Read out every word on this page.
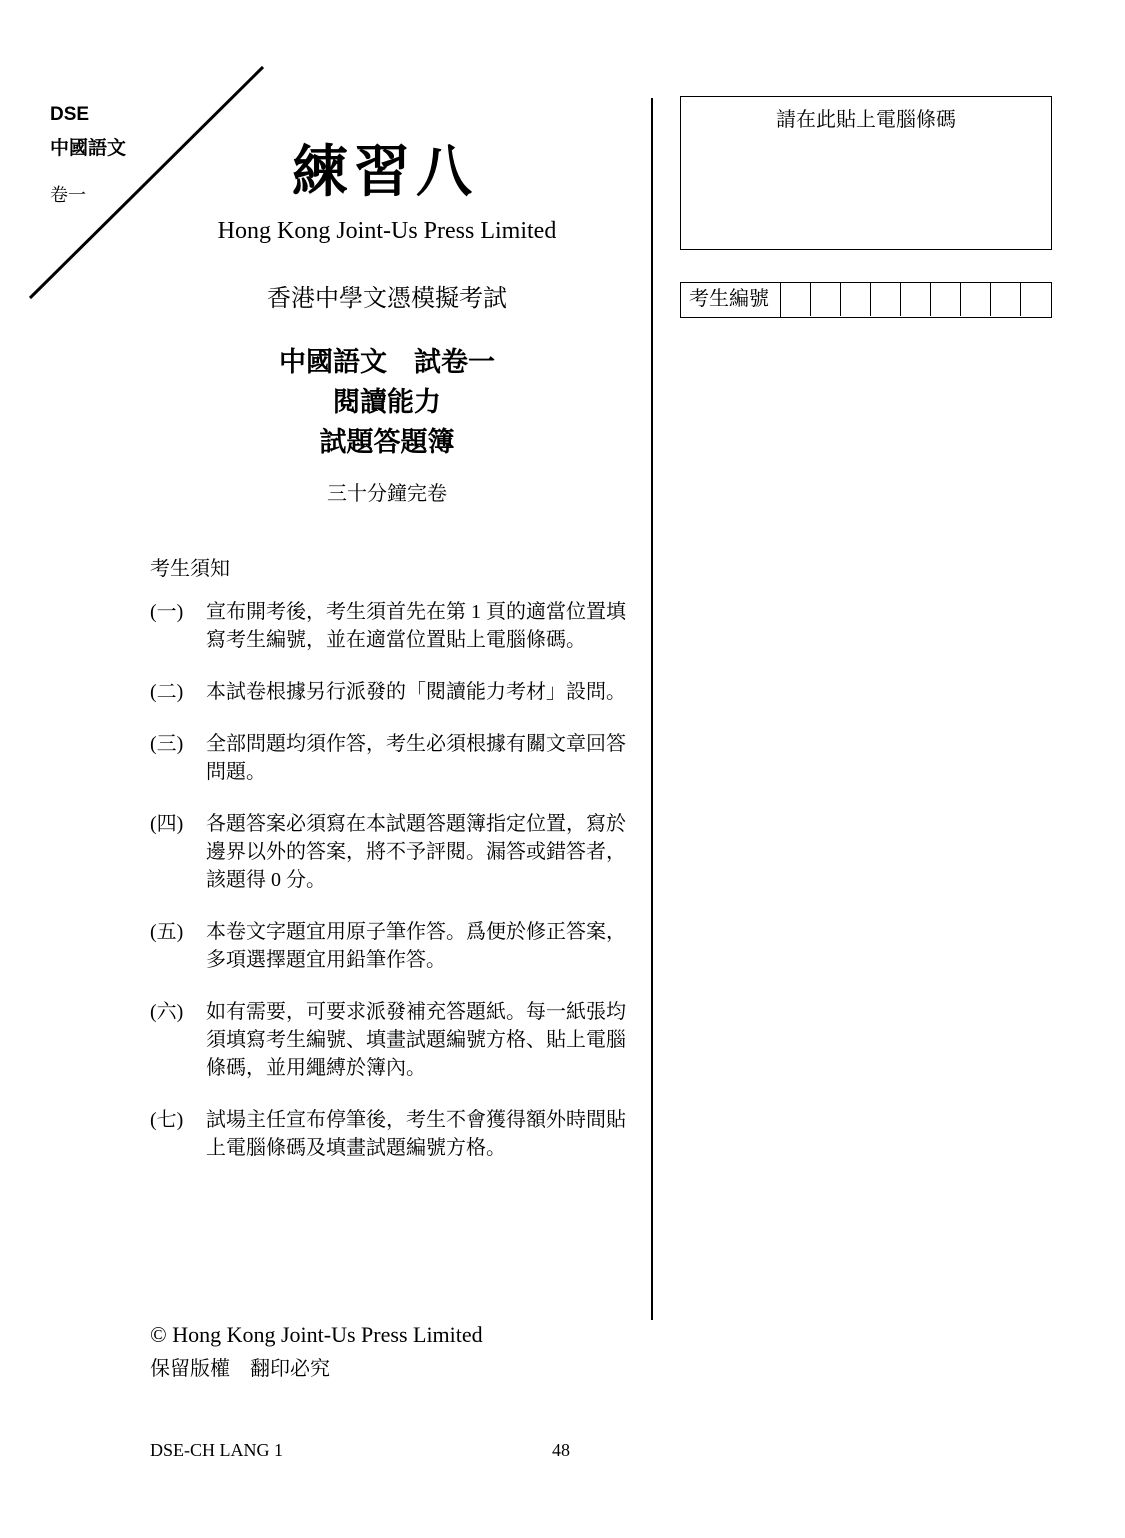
DSE
中國語文
卷一	練習八
Hong Kong Joint-Us Press Limited
香港中學文憑模擬考試
中國語文　試卷一
閱讀能力
試題答題簿
三十分鐘完卷
考生須知
(一)	宣布開考後，考生須首先在第 1 頁的適當位置填寫考生編號，並在適當位置貼上電腦條碼。
(二)	本試卷根據另行派發的「閱讀能力考材」設問。
(三)	全部問題均須作答，考生必須根據有關文章回答問題。
(四)	各題答案必須寫在本試題答題簿指定位置，寫於邊界以外的答案，將不予評閱。漏答或錯答者，該題得 0 分。
(五)	本卷文字題宜用原子筆作答。爲便於修正答案，多項選擇題宜用鉛筆作答。
(六)	如有需要，可要求派發補充答題紙。每一紙張均須填寫考生編號、填畫試題編號方格、貼上電腦條碼，並用繩縛於簿內。
(七)	試場主任宣布停筆後，考生不會獲得額外時間貼上電腦條碼及填畫試題編號方格。
請在此貼上電腦條碼
考生編號
© Hong Kong Joint-Us Press Limited
保留版權　翻印必究
DSE-CH LANG 1	48
